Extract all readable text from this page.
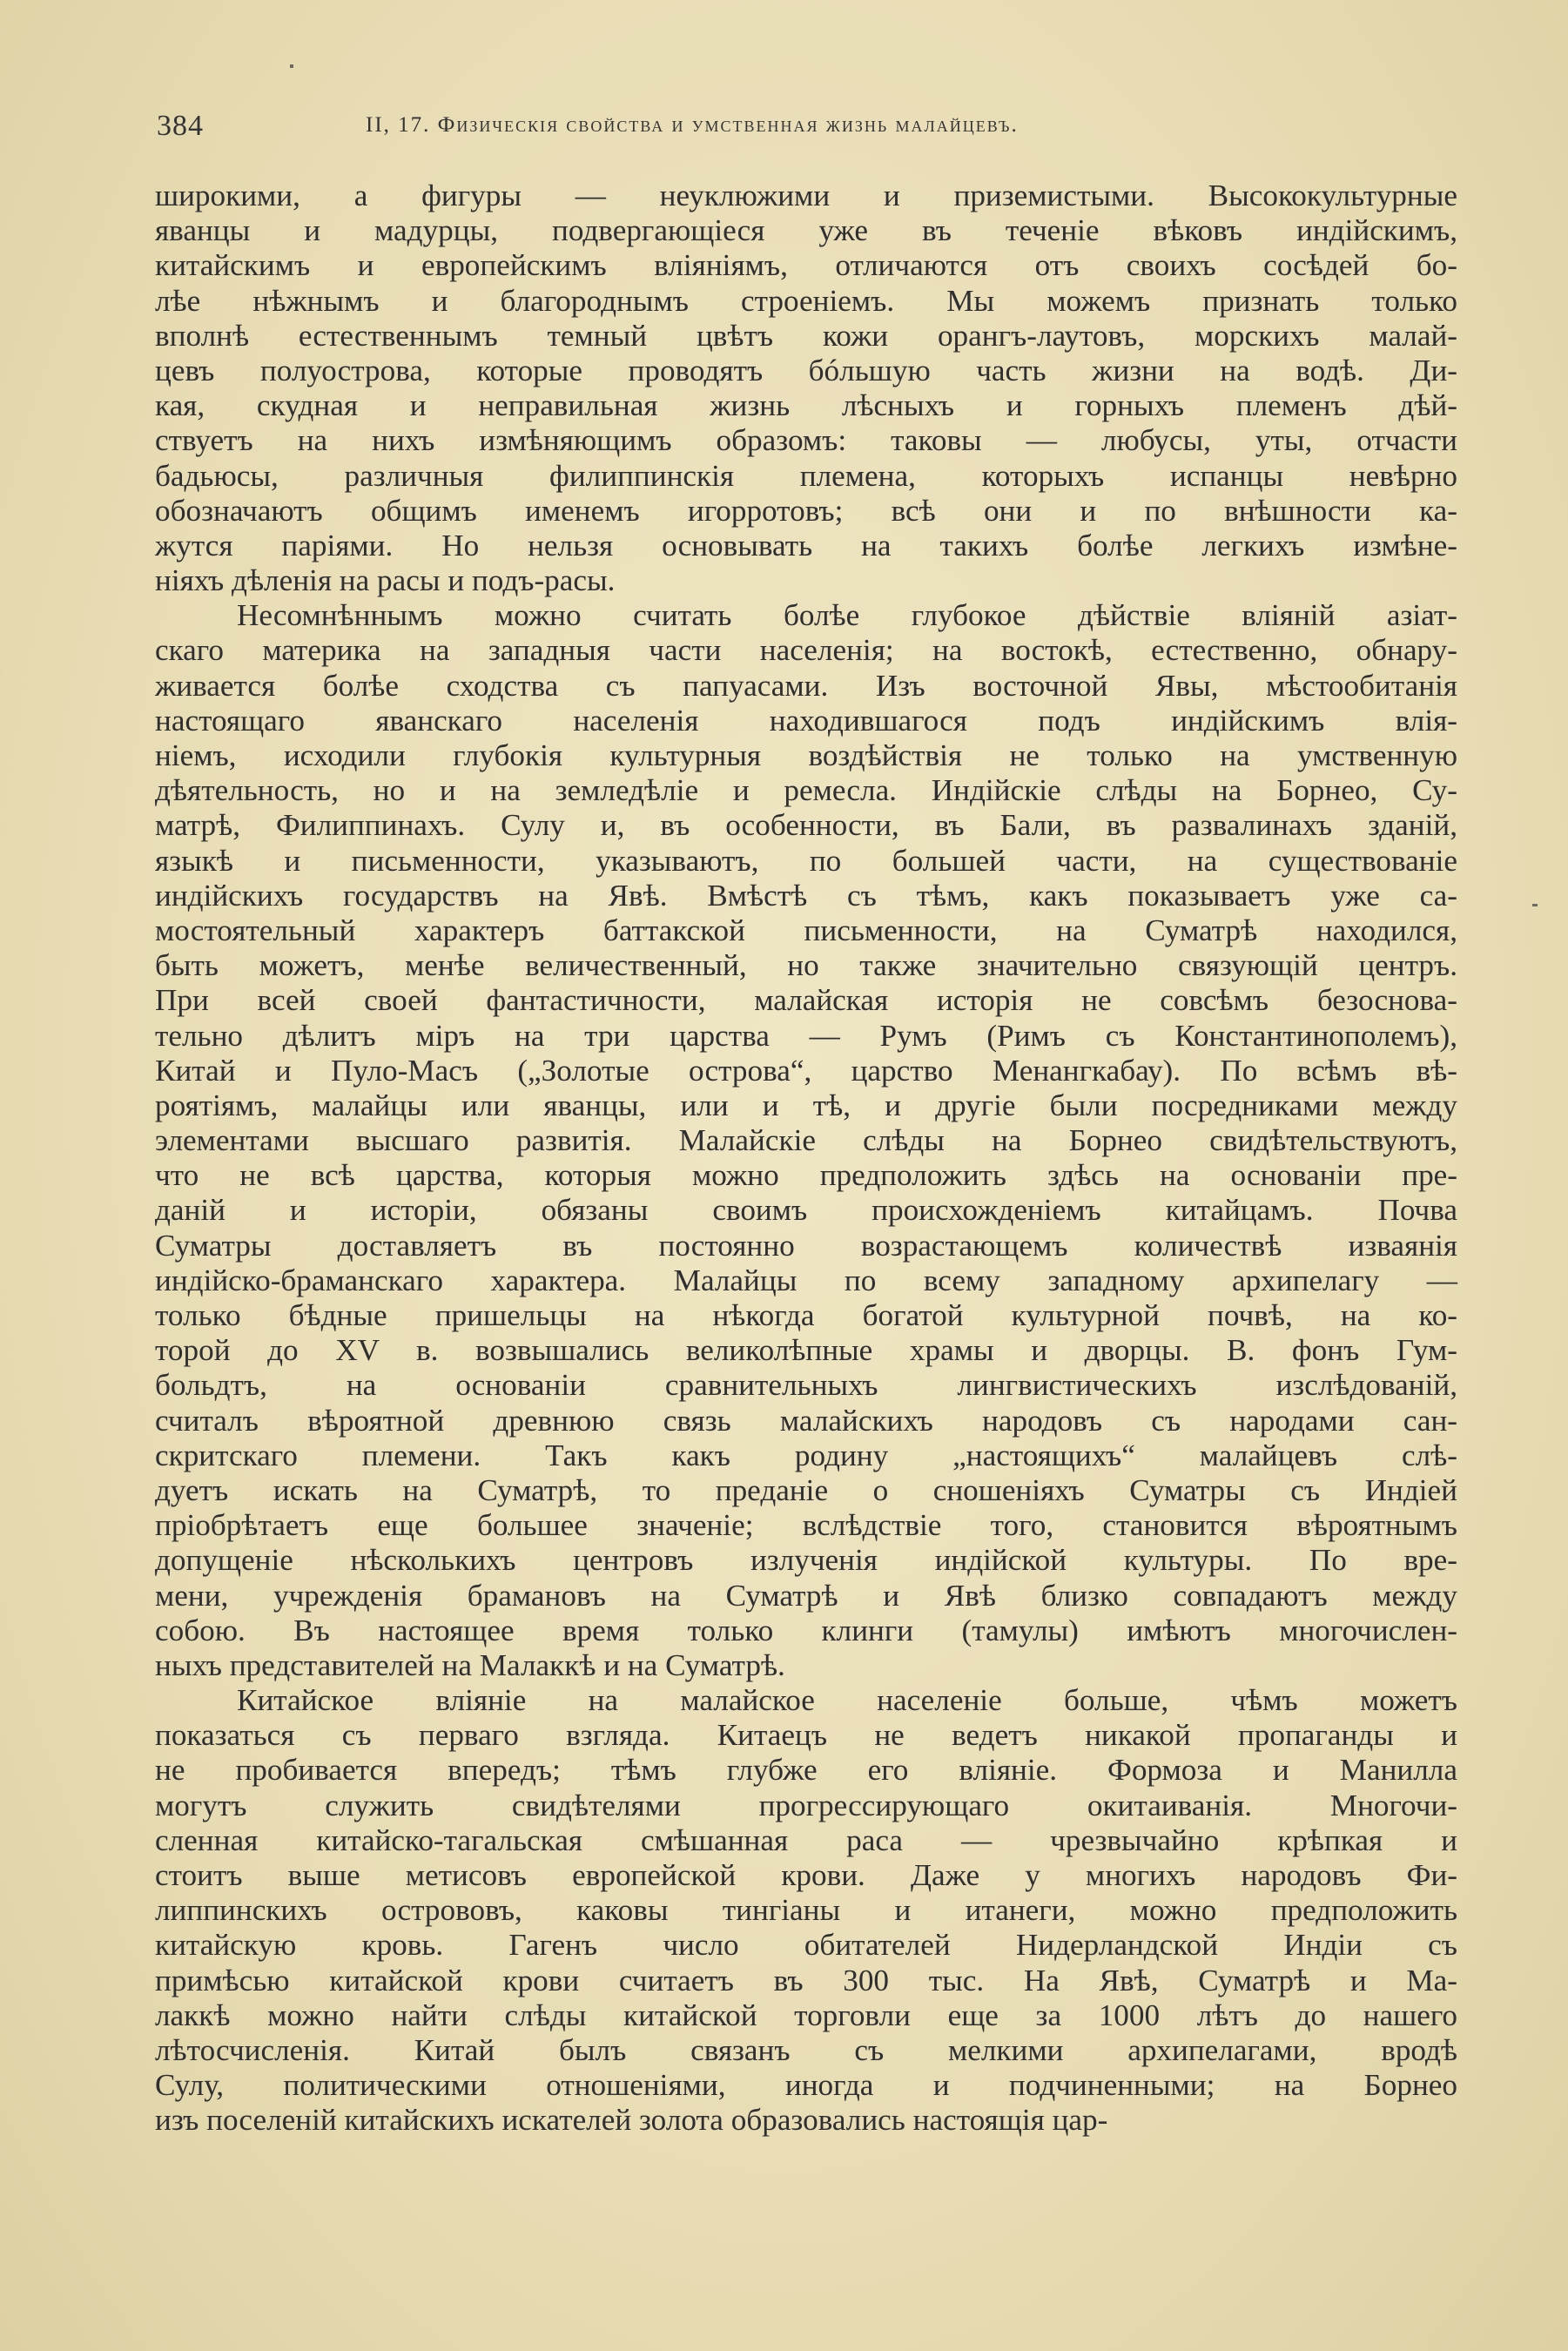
384	II, 17. Физическія свойства и умственная жизнь малайцевъ.
широкими, а фигуры — неуклюжими и приземистыми. Высококультурные
яванцы и мадурцы, подвергающіеся уже въ теченіе вѣковъ индійскимъ,
китайскимъ и европейскимъ вліяніямъ, отличаются отъ своихъ сосѣдей бо-
лѣе нѣжнымъ и благороднымъ строеніемъ. Мы можемъ признать только
вполнѣ естественнымъ темный цвѣтъ кожи орангъ-лаутовъ, морскихъ малай-
цевъ полуострова, которые проводятъ бóльшую часть жизни на водѣ. Ди-
кая, скудная и неправильная жизнь лѣсныхъ и горныхъ племенъ дѣй-
ствуетъ на нихъ измѣняющимъ образомъ: таковы — любусы, уты, отчасти
бадьюсы, различныя филиппинскія племена, которыхъ испанцы невѣрно
обозначаютъ общимъ именемъ игорротовъ; всѣ они и по внѣшности ка-
жутся паріями. Но нельзя основывать на такихъ болѣе легкихъ измѣне-
ніяхъ дѣленія на расы и подъ-расы.
Несомнѣннымъ можно считать болѣе глубокое дѣйствіе вліяній азіат-
скаго материка на западныя части населенія; на востокѣ, естественно, обнару-
живается болѣе сходства съ папуасами. Изъ восточной Явы, мѣстообитанія
настоящаго яванскаго населенія находившагося подъ индійскимъ влія-
ніемъ, исходили глубокія культурныя воздѣйствія не только на умственную
дѣятельность, но и на земледѣліе и ремесла. Индійскіе слѣды на Борнео, Су-
матрѣ, Филиппинахъ. Сулу и, въ особенности, въ Бали, въ развалинахъ зданій,
языкѣ и письменности, указываютъ, по большей части, на существованіе
индійскихъ государствъ на Явѣ. Вмѣстѣ съ тѣмъ, какъ показываетъ уже са-
мостоятельный характеръ баттакской письменности, на Суматрѣ находился,
быть можетъ, менѣе величественный, но также значительно связующій центръ.
При всей своей фантастичности, малайская исторія не совсѣмъ безоснова-
тельно дѣлитъ міръ на три царства — Румъ (Римъ съ Константинополемъ),
Китай и Пуло-Масъ („Золотые острова“, царство Менангкабау). По всѣмъ вѣ-
роятіямъ, малайцы или яванцы, или и тѣ, и другіе были посредниками между
элементами высшаго развитія. Малайскіе слѣды на Борнео свидѣтельствуютъ,
что не всѣ царства, которыя можно предположить здѣсь на основаніи пре-
даній и исторіи, обязаны своимъ происхожденіемъ китайцамъ. Почва
Суматры доставляетъ въ постоянно возрастающемъ количествѣ изваянія
индійско-браманскаго характера. Малайцы по всему западному архипелагу —
только бѣдные пришельцы на нѣкогда богатой культурной почвѣ, на ко-
торой до XV в. возвышались великолѣпные храмы и дворцы. В. фонъ Гум-
больдтъ, на основаніи сравнительныхъ лингвистическихъ изслѣдованій,
считалъ вѣроятной древнюю связь малайскихъ народовъ съ народами сан-
скритскаго племени. Такъ какъ родину „настоящихъ“ малайцевъ слѣ-
дуетъ искать на Суматрѣ, то преданіе о сношеніяхъ Суматры съ Индіей
пріобрѣтаетъ еще большее значеніе; вслѣдствіе того, становится вѣроятнымъ
допущеніе нѣсколькихъ центровъ излученія индійской культуры. По вре-
мени, учрежденія брамановъ на Суматрѣ и Явѣ близко совпадаютъ между
собою. Въ настоящее время только клинги (тамулы) имѣютъ многочислен-
ныхъ представителей на Малаккѣ и на Суматрѣ.
Китайское вліяніе на малайское населеніе больше, чѣмъ можетъ
показаться съ перваго взгляда. Китаецъ не ведетъ никакой пропаганды и
не пробивается впередъ; тѣмъ глубже его вліяніе. Формоза и Манилла
могутъ служить свидѣтелями прогрессирующаго окитаиванія. Многочи-
сленная китайско-тагальская смѣшанная раса — чрезвычайно крѣпкая и
стоитъ выше метисовъ европейской крови. Даже у многихъ народовъ Фи-
липпинскихъ острововъ, каковы тингіаны и итанеги, можно предположить
китайскую кровь. Гагенъ число обитателей Нидерландской Индіи съ
примѣсью китайской крови считаетъ въ 300 тыс. На Явѣ, Суматрѣ и Ма-
лаккѣ можно найти слѣды китайской торговли еще за 1000 лѣтъ до нашего
лѣтосчисленія. Китай былъ связанъ съ мелкими архипелагами, вродѣ
Сулу, политическими отношеніями, иногда и подчиненными; на Борнео
изъ поселеній китайскихъ искателей золота образовались настоящія цар-
